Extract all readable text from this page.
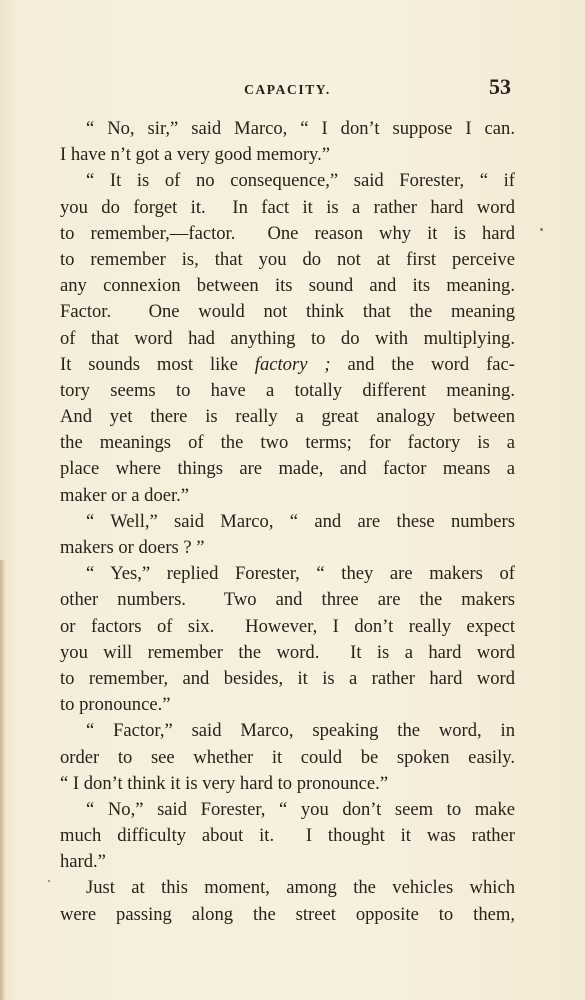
CAPACITY.	53
“ No, sir,” said Marco, “ I don’t suppose I can.
I have n’t got a very good memory.”
“ It is of no consequence,” said Forester, “ if
you do forget it.  In fact it is a rather hard word
to remember,—factor.  One reason why it is hard
to remember is, that you do not at first perceive
any connexion between its sound and its meaning.
Factor.  One would not think that the meaning
of that word had anything to do with multiplying.
It sounds most like factory ; and the word fac-
tory seems to have a totally different meaning.
And yet there is really a great analogy between
the meanings of the two terms; for factory is a
place where things are made, and factor means a
maker or a doer.”
“ Well,” said Marco, “ and are these numbers
makers or doers ? ”
“ Yes,” replied Forester, “ they are makers of
other numbers.  Two and three are the makers
or factors of six.  However, I don’t really expect
you will remember the word.  It is a hard word
to remember, and besides, it is a rather hard word
to pronounce.”
“ Factor,” said Marco, speaking the word, in
order to see whether it could be spoken easily.
“ I don’t think it is very hard to pronounce.”
“ No,” said Forester, “ you don’t seem to make
much difficulty about it.  I thought it was rather
hard.”
Just at this moment, among the vehicles which
were passing along the street opposite to them,
